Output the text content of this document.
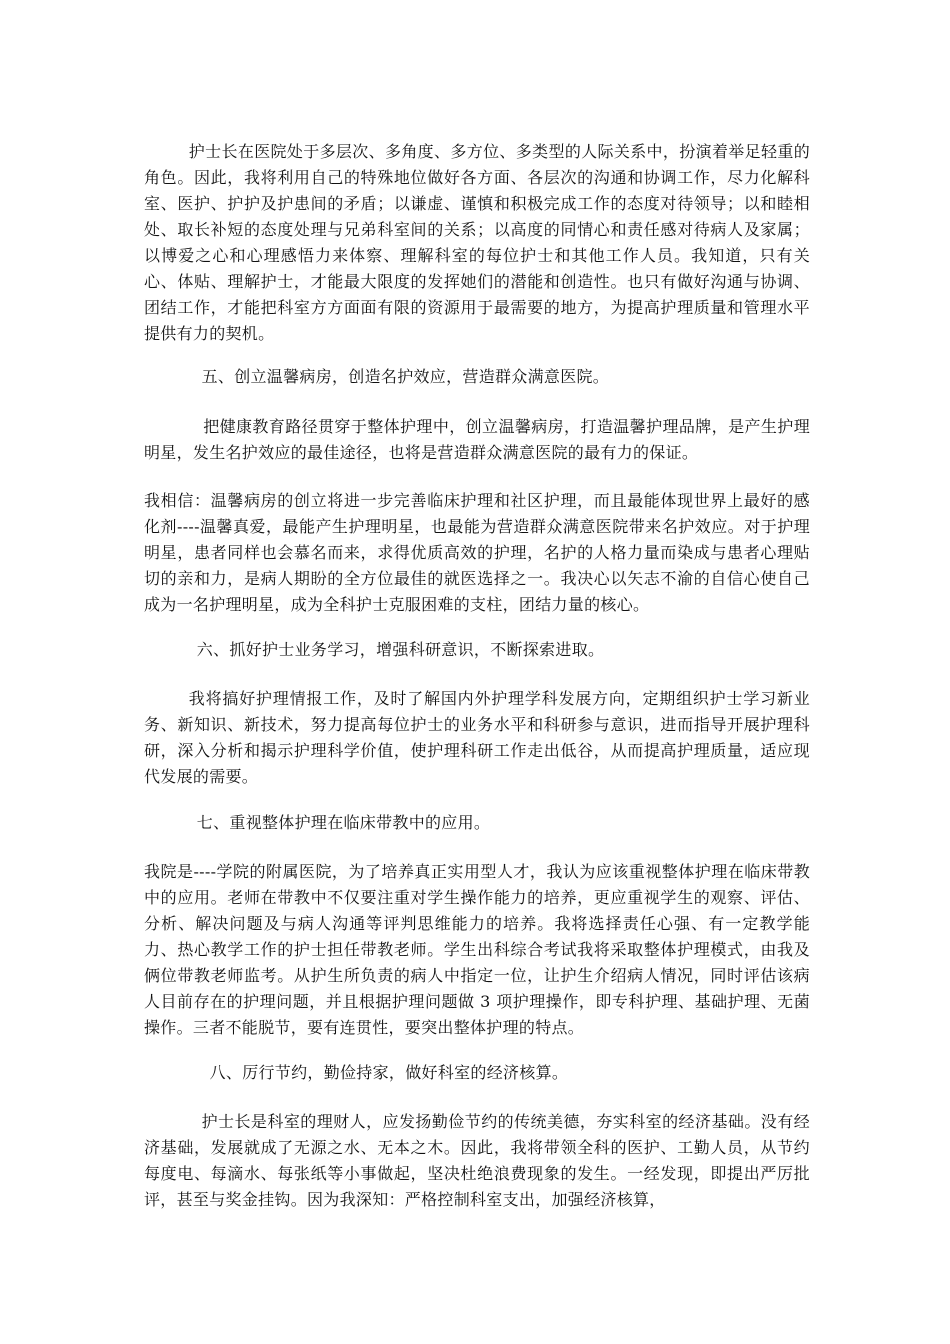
护士长在医院处于多层次、多角度、多方位、多类型的人际关系中，扮演着举足轻重的角色。因此，我将利用自己的特殊地位做好各方面、各层次的沟通和协调工作，尽力化解科室、医护、护护及护患间的矛盾；以谦虚、谨慎和积极完成工作的态度对待领导；以和睦相处、取长补短的态度处理与兄弟科室间的关系；以高度的同情心和责任感对待病人及家属；以博爱之心和心理感悟力来体察、理解科室的每位护士和其他工作人员。我知道，只有关心、体贴、理解护士，才能最大限度的发挥她们的潜能和创造性。也只有做好沟通与协调、团结工作，才能把科室方方面面有限的资源用于最需要的地方，为提高护理质量和管理水平提供有力的契机。

五、创立温馨病房，创造名护效应，营造群众满意医院。

把健康教育路径贯穿于整体护理中，创立温馨病房，打造温馨护理品牌，是产生护理明星，发生名护效应的最佳途径，也将是营造群众满意医院的最有力的保证。

我相信：温馨病房的创立将进一步完善临床护理和社区护理，而且最能体现世界上最好的感化剂----温馨真爱，最能产生护理明星，也最能为营造群众满意医院带来名护效应。对于护理明星，患者同样也会慕名而来，求得优质高效的护理，名护的人格力量而染成与患者心理贴切的亲和力，是病人期盼的全方位最佳的就医选择之一。我决心以矢志不渝的自信心使自己成为一名护理明星，成为全科护士克服困难的支柱，团结力量的核心。

六、抓好护士业务学习，增强科研意识，不断探索进取。

我将搞好护理情报工作，及时了解国内外护理学科发展方向，定期组织护士学习新业务、新知识、新技术，努力提高每位护士的业务水平和科研参与意识，进而指导开展护理科研，深入分析和揭示护理科学价值，使护理科研工作走出低谷，从而提高护理质量，适应现代发展的需要。

七、重视整体护理在临床带教中的应用。

我院是----学院的附属医院，为了培养真正实用型人才，我认为应该重视整体护理在临床带教中的应用。老师在带教中不仅要注重对学生操作能力的培养，更应重视学生的观察、评估、分析、解决问题及与病人沟通等评判思维能力的培养。我将选择责任心强、有一定教学能力、热心教学工作的护士担任带教老师。学生出科综合考试我将采取整体护理模式，由我及俩位带教老师监考。从护生所负责的病人中指定一位，让护生介绍病人情况，同时评估该病人目前存在的护理问题，并且根据护理问题做 3 项护理操作，即专科护理、基础护理、无菌操作。三者不能脱节，要有连贯性，要突出整体护理的特点。

八、厉行节约，勤俭持家，做好科室的经济核算。

护士长是科室的理财人，应发扬勤俭节约的传统美德，夯实科室的经济基础。没有经济基础，发展就成了无源之水、无本之木。因此，我将带领全科的医护、工勤人员，从节约每度电、每滴水、每张纸等小事做起，坚决杜绝浪费现象的发生。一经发现，即提出严厉批评，甚至与奖金挂钩。因为我深知：严格控制科室支出，加强经济核算，
